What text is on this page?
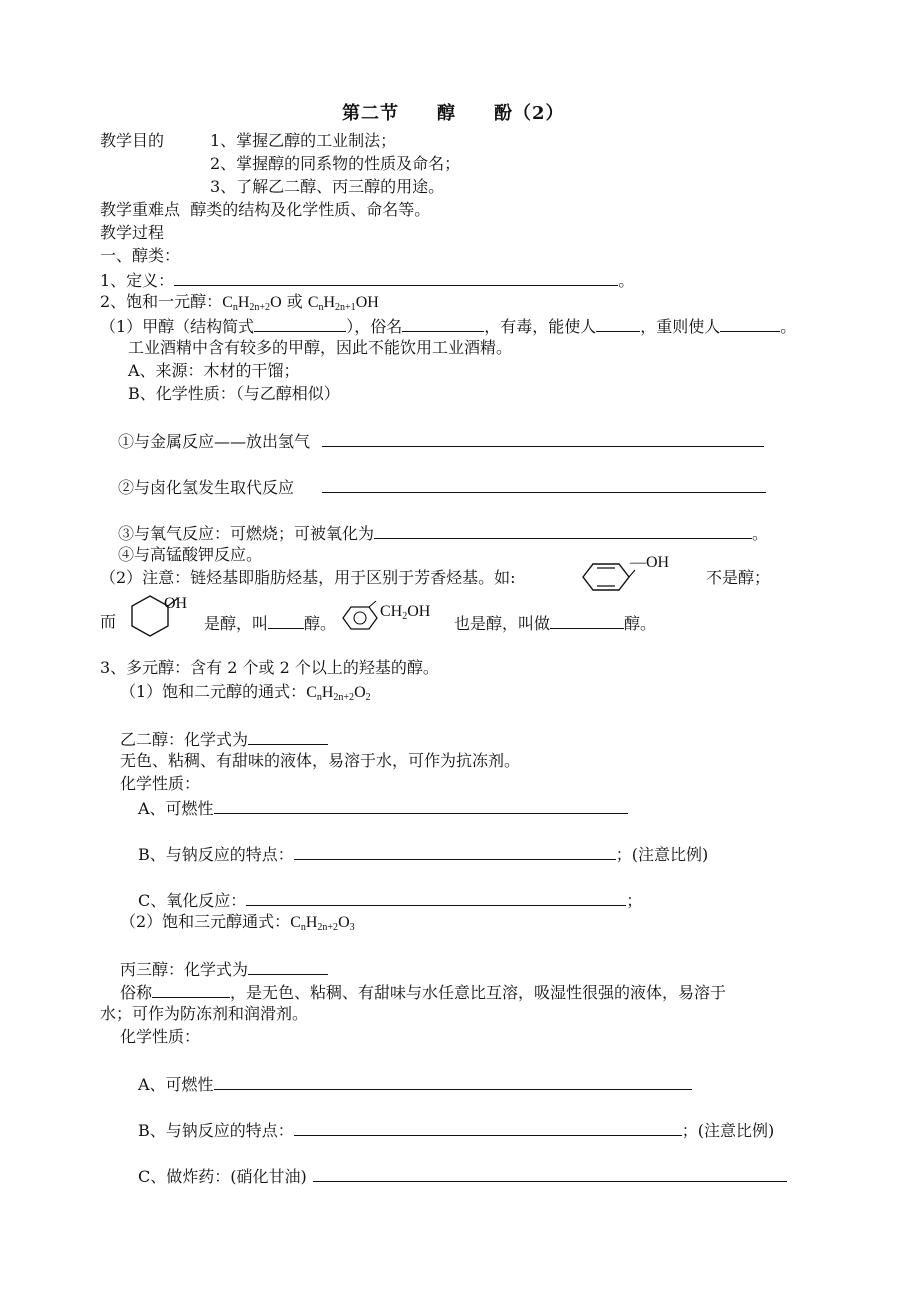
第二节　　醇　　酚（2）
教学目的	1、掌握乙醇的工业制法；
2、掌握醇的同系物的性质及命名；
3、了解乙二醇、丙三醇的用途。
教学重难点 醇类的结构及化学性质、命名等。
教学过程
一、醇类：
1、定义：	。
2、饱和一元醇：$C_nH_{2n+2}O$ 或 $C_nH_{2n+1}OH$
（1）甲醇（结构简式	），俗名	，有毒，能使人	，重则使人	。
工业酒精中含有较多的甲醇，因此不能饮用工业酒精。
A、来源：木材的干馏；
B、化学性质：（与乙醇相似）
①与金属反应——放出氢气
②与卤化氢发生取代反应
③与氧气反应：可燃烧；可被氧化为	。
④与高锰酸钾反应。
（2）注意：链烃基即脂肪烃基，用于区别于芳香烃基。如:
—OH
不是醇；
而
OH
是醇，叫 醇。
$CH_2OH$
也是醇，叫做	醇。
3、多元醇：含有 2 个或 2 个以上的羟基的醇。
（1）饱和二元醇的通式：$C_nH_{2n+2}O_2$
乙二醇：化学式为
无色、粘稠、有甜味的液体，易溶于水，可作为抗冻剂。
化学性质：
A、可燃性
B、与钠反应的特点：	；(注意比例)
C、氧化反应：	；
（2）饱和三元醇通式：$C_nH_{2n+2}O_3$
丙三醇：化学式为
俗称	，是无色、粘稠、有甜味与水任意比互溶，吸湿性很强的液体，易溶于
水；可作为防冻剂和润滑剂。
化学性质：
A、可燃性
B、与钠反应的特点：	；(注意比例)
C、做炸药：(硝化甘油)
